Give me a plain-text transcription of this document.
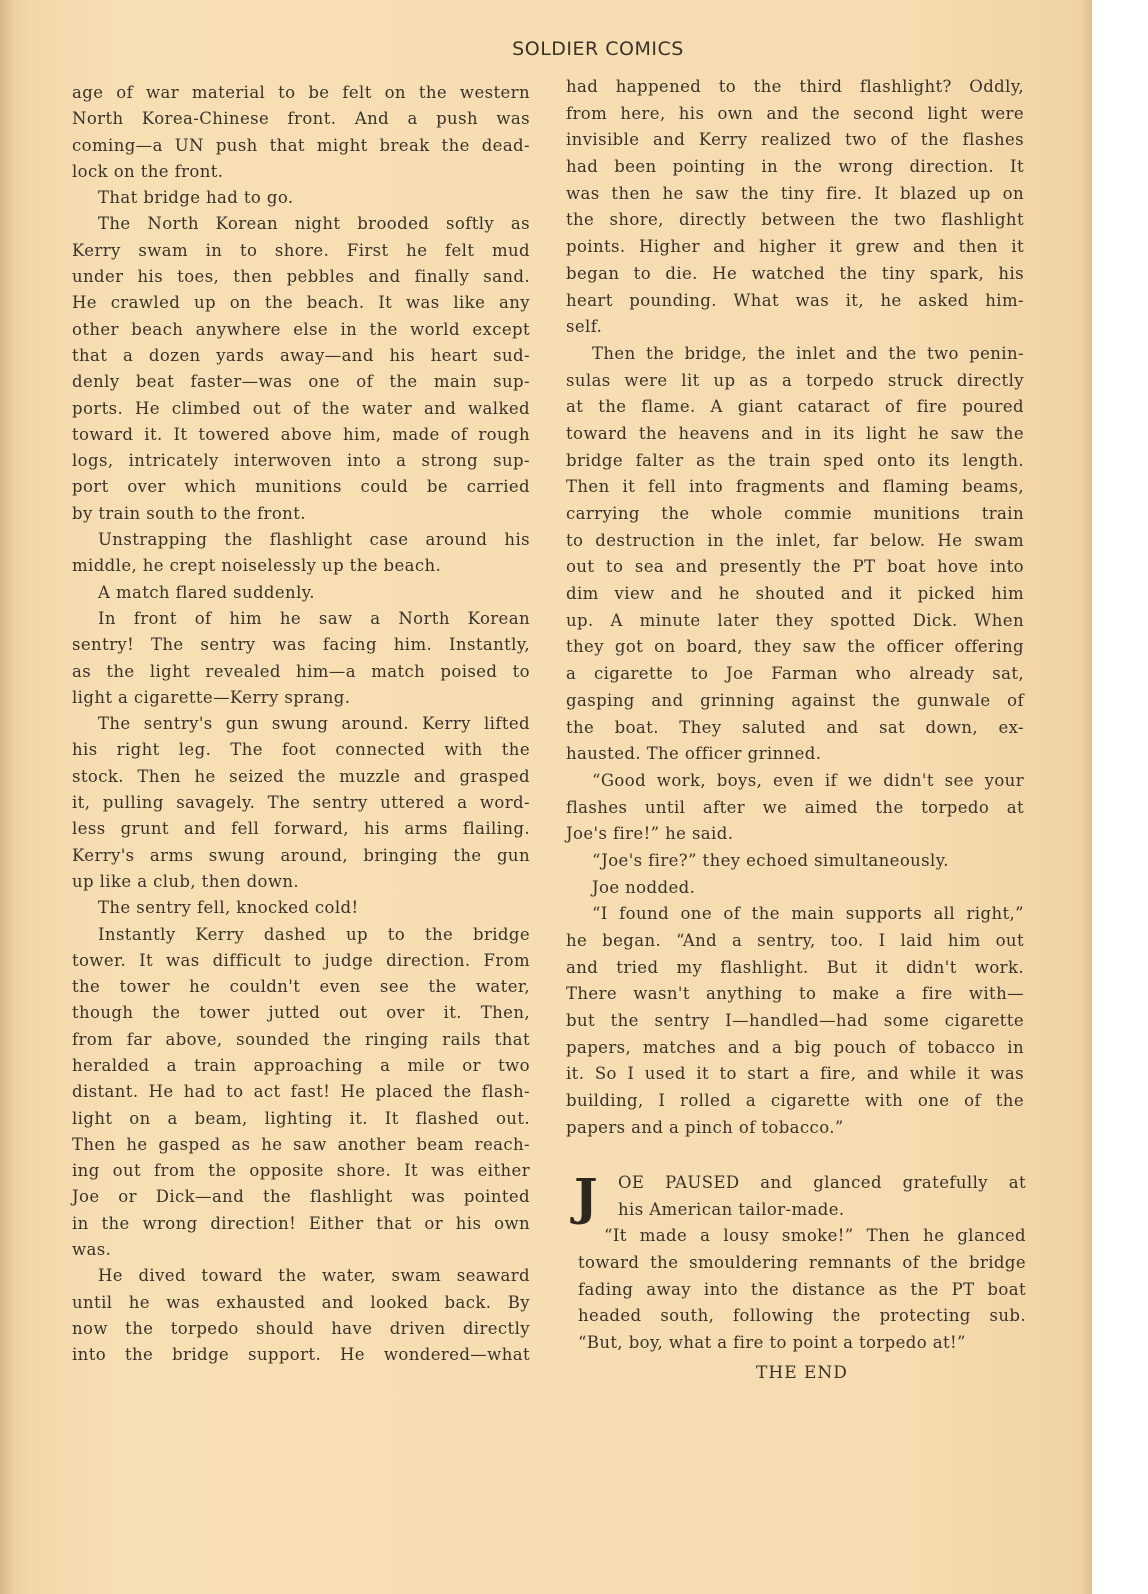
SOLDIER COMICS
age of war material to be felt on the western
North Korea-Chinese front. And a push was
coming—a UN push that might break the dead-
lock on the front.
That bridge had to go.
The North Korean night brooded softly as
Kerry swam in to shore. First he felt mud
under his toes, then pebbles and finally sand.
He crawled up on the beach. It was like any
other beach anywhere else in the world except
that a dozen yards away—and his heart sud-
denly beat faster—was one of the main sup-
ports. He climbed out of the water and walked
toward it. It towered above him, made of rough
logs, intricately interwoven into a strong sup-
port over which munitions could be carried
by train south to the front.
Unstrapping the flashlight case around his
middle, he crept noiselessly up the beach.
A match flared suddenly.
In front of him he saw a North Korean
sentry! The sentry was facing him. Instantly,
as the light revealed him—a match poised to
light a cigarette—Kerry sprang.
The sentry's gun swung around. Kerry lifted
his right leg. The foot connected with the
stock. Then he seized the muzzle and grasped
it, pulling savagely. The sentry uttered a word-
less grunt and fell forward, his arms flailing.
Kerry's arms swung around, bringing the gun
up like a club, then down.
The sentry fell, knocked cold!
Instantly Kerry dashed up to the bridge
tower. It was difficult to judge direction. From
the tower he couldn't even see the water,
though the tower jutted out over it. Then,
from far above, sounded the ringing rails that
heralded a train approaching a mile or two
distant. He had to act fast! He placed the flash-
light on a beam, lighting it. It flashed out.
Then he gasped as he saw another beam reach-
ing out from the opposite shore. It was either
Joe or Dick—and the flashlight was pointed
in the wrong direction! Either that or his own
was.
He dived toward the water, swam seaward
until he was exhausted and looked back. By
now the torpedo should have driven directly
into the bridge support. He wondered—what
had happened to the third flashlight? Oddly,
from here, his own and the second light were
invisible and Kerry realized two of the flashes
had been pointing in the wrong direction. It
was then he saw the tiny fire. It blazed up on
the shore, directly between the two flashlight
points. Higher and higher it grew and then it
began to die. He watched the tiny spark, his
heart pounding. What was it, he asked him-
self.
Then the bridge, the inlet and the two penin-
sulas were lit up as a torpedo struck directly
at the flame. A giant cataract of fire poured
toward the heavens and in its light he saw the
bridge falter as the train sped onto its length.
Then it fell into fragments and flaming beams,
carrying the whole commie munitions train
to destruction in the inlet, far below. He swam
out to sea and presently the PT boat hove into
dim view and he shouted and it picked him
up. A minute later they spotted Dick. When
they got on board, they saw the officer offering
a cigarette to Joe Farman who already sat,
gasping and grinning against the gunwale of
the boat. They saluted and sat down, ex-
hausted. The officer grinned.
“Good work, boys, even if we didn't see your
flashes until after we aimed the torpedo at
Joe's fire!” he said.
“Joe's fire?” they echoed simultaneously.
Joe nodded.
“I found one of the main supports all right,”
he began. “And a sentry, too. I laid him out
and tried my flashlight. But it didn't work.
There wasn't anything to make a fire with—
but the sentry I—handled—had some cigarette
papers, matches and a big pouch of tobacco in
it. So I used it to start a fire, and while it was
building, I rolled a cigarette with one of the
papers and a pinch of tobacco.”
J	OE PAUSED and glanced gratefully at
his American tailor-made.
“It made a lousy smoke!” Then he glanced
toward the smouldering remnants of the bridge
fading away into the distance as the PT boat
headed south, following the protecting sub.
“But, boy, what a fire to point a torpedo at!”
THE END
